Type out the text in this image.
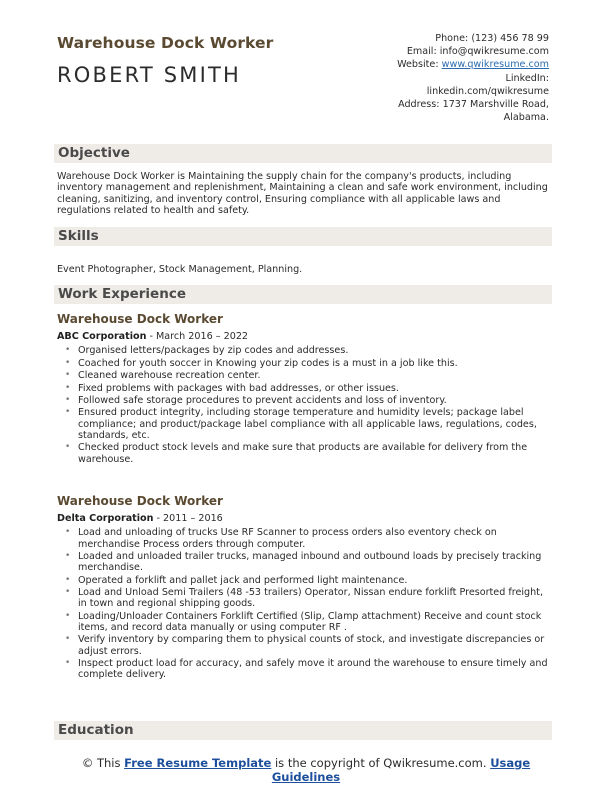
Warehouse Dock Worker
ROBERT SMITH
Phone: (123) 456 78 99
Email: info@qwikresume.com
Website: www.qwikresume.com
LinkedIn:
linkedin.com/qwikresume
Address: 1737 Marshville Road,
Alabama.
Objective
Warehouse Dock Worker is Maintaining the supply chain for the company's products, including inventory management and replenishment, Maintaining a clean and safe work environment, including cleaning, sanitizing, and inventory control, Ensuring compliance with all applicable laws and regulations related to health and safety.
Skills
Event Photographer, Stock Management, Planning.
Work Experience
Warehouse Dock Worker
ABC Corporation - March 2016 – 2022
• Organised letters/packages by zip codes and addresses.
• Coached for youth soccer in Knowing your zip codes is a must in a job like this.
• Cleaned warehouse recreation center.
• Fixed problems with packages with bad addresses, or other issues.
• Followed safe storage procedures to prevent accidents and loss of inventory.
• Ensured product integrity, including storage temperature and humidity levels; package label compliance; and product/package label compliance with all applicable laws, regulations, codes, standards, etc.
• Checked product stock levels and make sure that products are available for delivery from the warehouse.
Warehouse Dock Worker
Delta Corporation - 2011 – 2016
• Load and unloading of trucks Use RF Scanner to process orders also eventory check on merchandise Process orders through computer.
• Loaded and unloaded trailer trucks, managed inbound and outbound loads by precisely tracking merchandise.
• Operated a forklift and pallet jack and performed light maintenance.
• Load and Unload Semi Trailers (48 -53 trailers) Operator, Nissan endure forklift Presorted freight, in town and regional shipping goods.
• Loading/Unloader Containers Forklift Certified (Slip, Clamp attachment) Receive and count stock items, and record data manually or using computer RF .
• Verify inventory by comparing them to physical counts of stock, and investigate discrepancies or adjust errors.
• Inspect product load for accuracy, and safely move it around the warehouse to ensure timely and complete delivery.
Education
© This Free Resume Template is the copyright of Qwikresume.com. Usage
Guidelines
